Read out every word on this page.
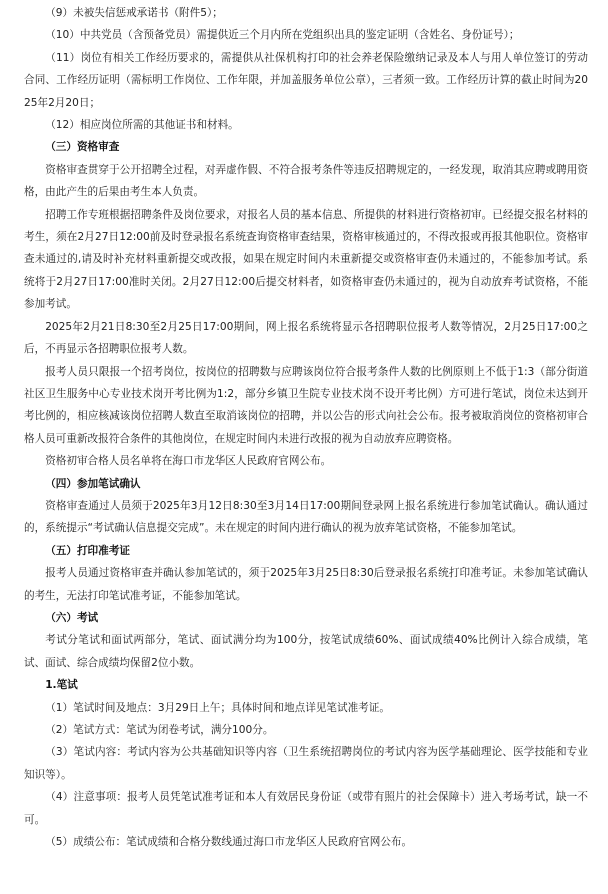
（9）未被失信惩戒承诺书（附件5）；

（10）中共党员（含预备党员）需提供近三个月内所在党组织出具的鉴定证明（含姓名、身份证号）；

（11）岗位有相关工作经历要求的，需提供从社保机构打印的社会养老保险缴纳记录及本人与用人单位签订的劳动合同、工作经历证明（需标明工作岗位、工作年限，并加盖服务单位公章），三者须一致。工作经历计算的截止时间为2025年2月20日；

（12）相应岗位所需的其他证书和材料。

（三）资格审查

资格审查贯穿于公开招聘全过程，对弄虚作假、不符合报考条件等违反招聘规定的，一经发现，取消其应聘或聘用资格，由此产生的后果由考生本人负责。

招聘工作专班根据招聘条件及岗位要求，对报名人员的基本信息、所提供的材料进行资格初审。已经提交报名材料的考生，须在2月27日12:00前及时登录报名系统查询资格审查结果，资格审核通过的，不得改报或再报其他职位。资格审查未通过的,请及时补充材料重新提交或改报，如果在规定时间内未重新提交或资格审查仍未通过的，不能参加考试。系统将于2月27日17:00准时关闭。2月27日12:00后提交材料者，如资格审查仍未通过的，视为自动放弃考试资格，不能参加考试。

2025年2月21日8:30至2月25日17:00期间，网上报名系统将显示各招聘职位报考人数等情况，2月25日17:00之后，不再显示各招聘职位报考人数。

报考人员只限报一个招考岗位，按岗位的招聘数与应聘该岗位符合报考条件人数的比例原则上不低于1:3（部分街道社区卫生服务中心专业技术岗开考比例为1:2，部分乡镇卫生院专业技术岗不设开考比例）方可进行笔试，岗位未达到开考比例的，相应核减该岗位招聘人数直至取消该岗位的招聘，并以公告的形式向社会公布。报考被取消岗位的资格初审合格人员可重新改报符合条件的其他岗位，在规定时间内未进行改报的视为自动放弃应聘资格。

资格初审合格人员名单将在海口市龙华区人民政府官网公布。

（四）参加笔试确认

资格审查通过人员须于2025年3月12日8:30至3月14日17:00期间登录网上报名系统进行参加笔试确认。确认通过的，系统提示“考试确认信息提交完成”。未在规定的时间内进行确认的视为放弃笔试资格，不能参加笔试。

（五）打印准考证

报考人员通过资格审查并确认参加笔试的，须于2025年3月25日8:30后登录报名系统打印准考证。未参加笔试确认的考生，无法打印笔试准考证，不能参加笔试。

（六）考试

考试分笔试和面试两部分，笔试、面试满分均为100分，按笔试成绩60%、面试成绩40%比例计入综合成绩，笔试、面试、综合成绩均保留2位小数。

1.笔试

（1）笔试时间及地点：3月29日上午；具体时间和地点详见笔试准考证。

（2）笔试方式：笔试为闭卷考试，满分100分。

（3）笔试内容：考试内容为公共基础知识等内容（卫生系统招聘岗位的考试内容为医学基础理论、医学技能和专业知识等）。

（4）注意事项：报考人员凭笔试准考证和本人有效居民身份证（或带有照片的社会保障卡）进入考场考试，缺一不可。

（5）成绩公布：笔试成绩和合格分数线通过海口市龙华区人民政府官网公布。
